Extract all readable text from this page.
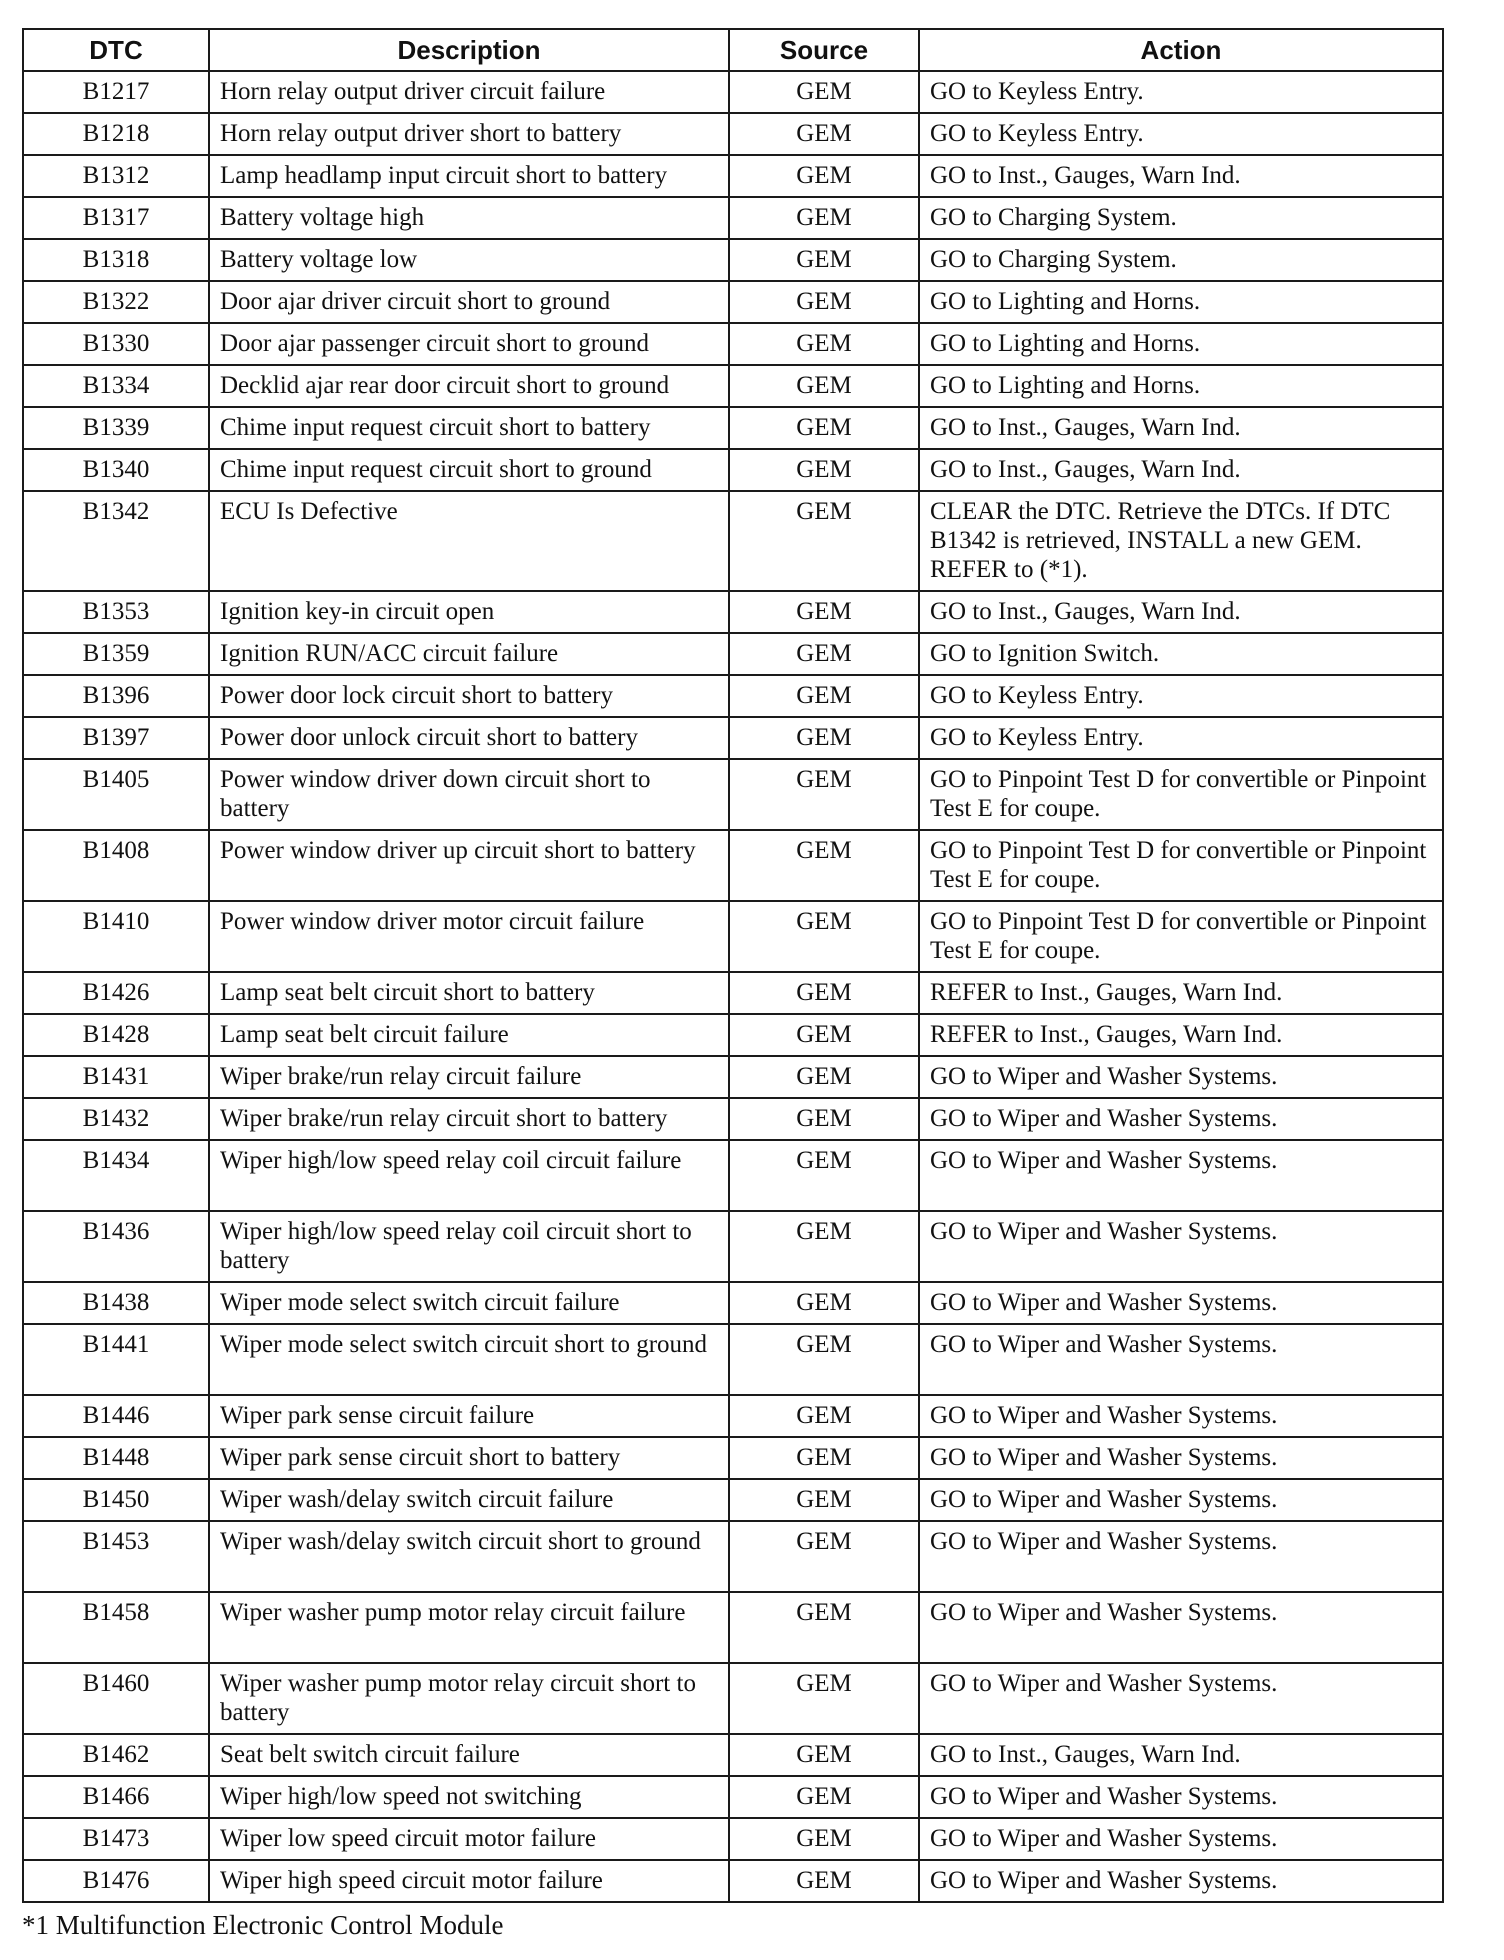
DTC	Description	Source	Action
B1217	Horn relay output driver circuit failure	GEM	GO to Keyless Entry.
B1218	Horn relay output driver short to battery	GEM	GO to Keyless Entry.
B1312	Lamp headlamp input circuit short to battery	GEM	GO to Inst., Gauges, Warn Ind.
B1317	Battery voltage high	GEM	GO to Charging System.
B1318	Battery voltage low	GEM	GO to Charging System.
B1322	Door ajar driver circuit short to ground	GEM	GO to Lighting and Horns.
B1330	Door ajar passenger circuit short to ground	GEM	GO to Lighting and Horns.
B1334	Decklid ajar rear door circuit short to ground	GEM	GO to Lighting and Horns.
B1339	Chime input request circuit short to battery	GEM	GO to Inst., Gauges, Warn Ind.
B1340	Chime input request circuit short to ground	GEM	GO to Inst., Gauges, Warn Ind.
B1342	ECU Is Defective	GEM	CLEAR the DTC. Retrieve the DTCs. If DTC B1342 is retrieved, INSTALL a new GEM. REFER to (*1).
B1353	Ignition key-in circuit open	GEM	GO to Inst., Gauges, Warn Ind.
B1359	Ignition RUN/ACC circuit failure	GEM	GO to Ignition Switch.
B1396	Power door lock circuit short to battery	GEM	GO to Keyless Entry.
B1397	Power door unlock circuit short to battery	GEM	GO to Keyless Entry.
B1405	Power window driver down circuit short to battery	GEM	GO to Pinpoint Test D for convertible or Pinpoint Test E for coupe.
B1408	Power window driver up circuit short to battery	GEM	GO to Pinpoint Test D for convertible or Pinpoint Test E for coupe.
B1410	Power window driver motor circuit failure	GEM	GO to Pinpoint Test D for convertible or Pinpoint Test E for coupe.
B1426	Lamp seat belt circuit short to battery	GEM	REFER to Inst., Gauges, Warn Ind.
B1428	Lamp seat belt circuit failure	GEM	REFER to Inst., Gauges, Warn Ind.
B1431	Wiper brake/run relay circuit failure	GEM	GO to Wiper and Washer Systems.
B1432	Wiper brake/run relay circuit short to battery	GEM	GO to Wiper and Washer Systems.
B1434	Wiper high/low speed relay coil circuit failure	GEM	GO to Wiper and Washer Systems.
B1436	Wiper high/low speed relay coil circuit short to battery	GEM	GO to Wiper and Washer Systems.
B1438	Wiper mode select switch circuit failure	GEM	GO to Wiper and Washer Systems.
B1441	Wiper mode select switch circuit short to ground	GEM	GO to Wiper and Washer Systems.
B1446	Wiper park sense circuit failure	GEM	GO to Wiper and Washer Systems.
B1448	Wiper park sense circuit short to battery	GEM	GO to Wiper and Washer Systems.
B1450	Wiper wash/delay switch circuit failure	GEM	GO to Wiper and Washer Systems.
B1453	Wiper wash/delay switch circuit short to ground	GEM	GO to Wiper and Washer Systems.
B1458	Wiper washer pump motor relay circuit failure	GEM	GO to Wiper and Washer Systems.
B1460	Wiper washer pump motor relay circuit short to battery	GEM	GO to Wiper and Washer Systems.
B1462	Seat belt switch circuit failure	GEM	GO to Inst., Gauges, Warn Ind.
B1466	Wiper high/low speed not switching	GEM	GO to Wiper and Washer Systems.
B1473	Wiper low speed circuit motor failure	GEM	GO to Wiper and Washer Systems.
B1476	Wiper high speed circuit motor failure	GEM	GO to Wiper and Washer Systems.
*1 Multifunction Electronic Control Module
